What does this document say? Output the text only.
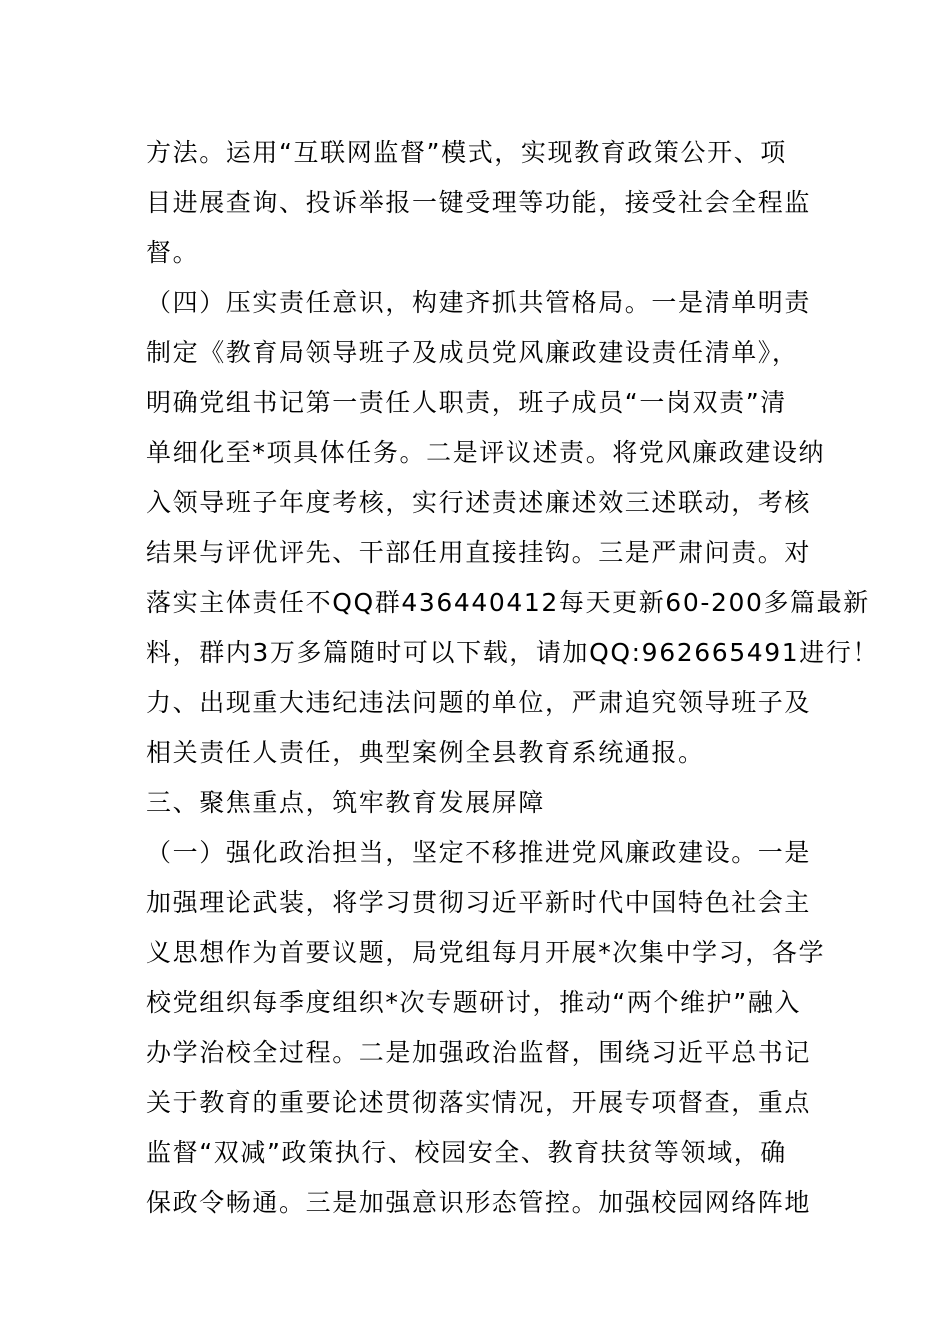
方法。运用“互联网监督”模式，实现教育政策公开、项
目进展查询、投诉举报一键受理等功能，接受社会全程监
督。
（四）压实责任意识，构建齐抓共管格局。一是清单明责
制定《教育局领导班子及成员党风廉政建设责任清单》，
明确党组书记第一责任人职责，班子成员“一岗双责”清
单细化至*项具体任务。二是评议述责。将党风廉政建设纳
入领导班子年度考核，实行述责述廉述效三述联动，考核
结果与评优评先、干部任用直接挂钩。三是严肃问责。对
落实主体责任不QQ群436440412每天更新60-200多篇最新
料，群内3万多篇随时可以下载，请加QQ:962665491进行！
力、出现重大违纪违法问题的单位，严肃追究领导班子及
相关责任人责任，典型案例全县教育系统通报。
三、聚焦重点，筑牢教育发展屏障
（一）强化政治担当，坚定不移推进党风廉政建设。一是
加强理论武装，将学习贯彻习近平新时代中国特色社会主
义思想作为首要议题，局党组每月开展*次集中学习，各学
校党组织每季度组织*次专题研讨，推动“两个维护”融入
办学治校全过程。二是加强政治监督，围绕习近平总书记
关于教育的重要论述贯彻落实情况，开展专项督查，重点
监督“双减”政策执行、校园安全、教育扶贫等领域，确
保政令畅通。三是加强意识形态管控。加强校园网络阵地
